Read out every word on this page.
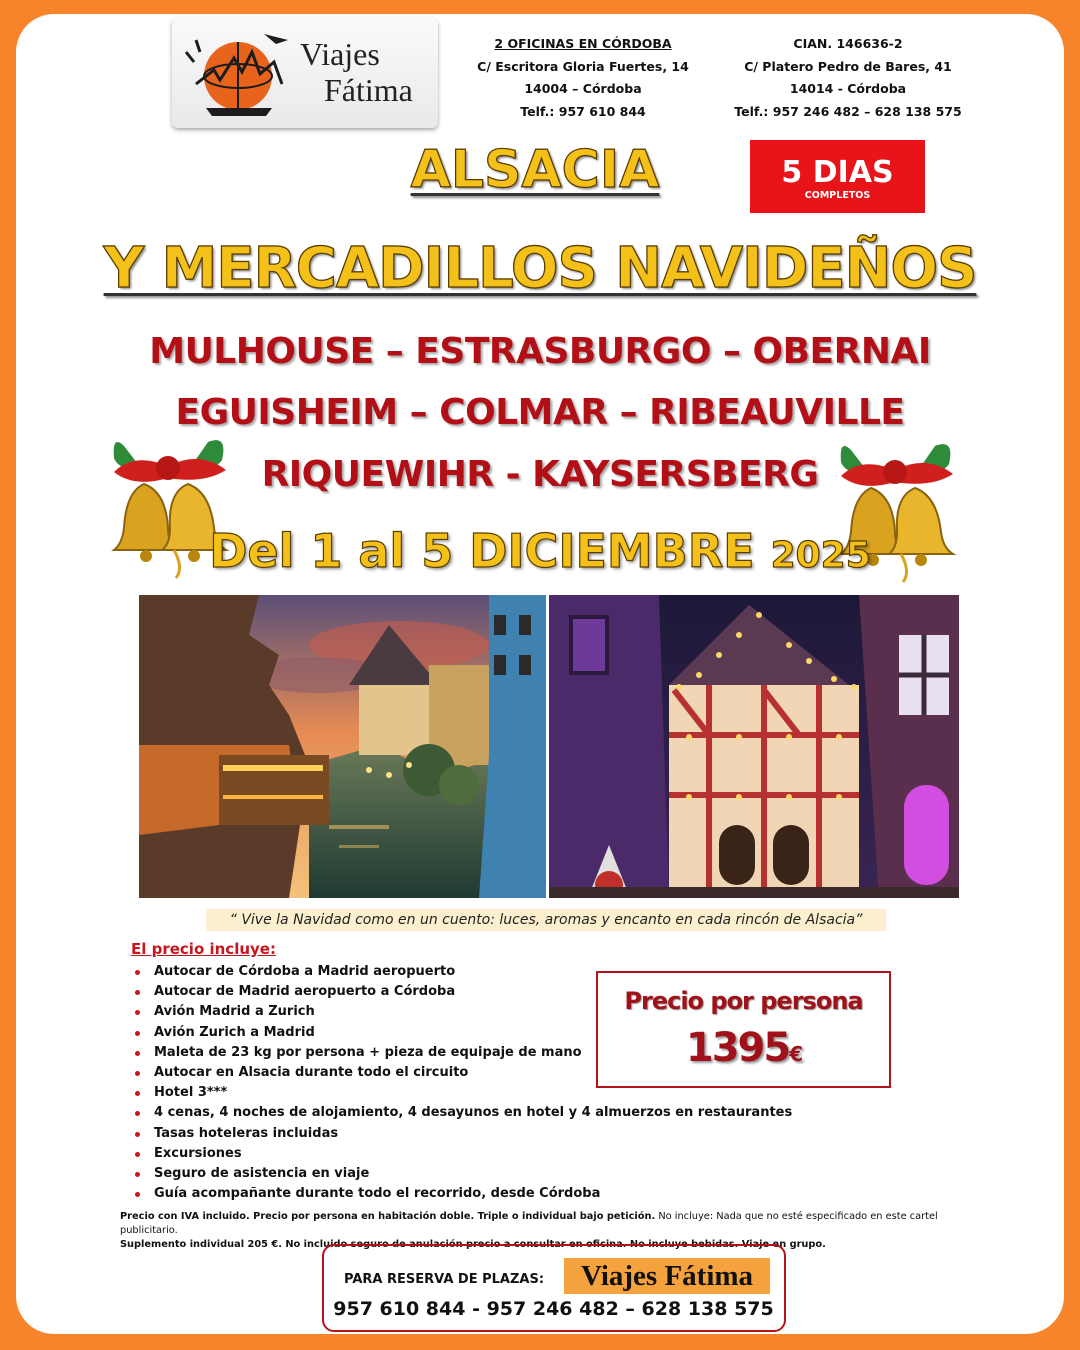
Viajes
Fátima
2 OFICINAS EN CÓRDOBA
C/ Escritora Gloria Fuertes, 14
14004 – Córdoba
Telf.: 957 610 844
CIAN. 146636-2
C/ Platero Pedro de Bares, 41
14014 - Córdoba
Telf.: 957 246 482 – 628 138 575
ALSACIA	5 DIAS
COMPLETOS
Y MERCADILLOS NAVIDEÑOS
MULHOUSE – ESTRASBURGO – OBERNAI
EGUISHEIM – COLMAR – RIBEAUVILLE
RIQUEWIHR - KAYSERSBERG
Del 1 al 5 DICIEMBRE 2025
“ Vive la Navidad como en un cuento: luces, aromas y encanto en cada rincón de Alsacia”
El precio incluye:
Autocar de Córdoba a Madrid aeropuerto
Autocar de Madrid aeropuerto a Córdoba
Avión Madrid a Zurich
Avión Zurich a Madrid
Maleta de 23 kg por persona + pieza de equipaje de mano
Autocar en Alsacia durante todo el circuito
Hotel 3***
4 cenas, 4 noches de alojamiento, 4 desayunos en hotel y 4 almuerzos en restaurantes
Tasas hoteleras incluidas
Excursiones
Seguro de asistencia en viaje
Guía acompañante durante todo el recorrido, desde Córdoba
Precio por persona
1395€
Precio con IVA incluido. Precio por persona en habitación doble. Triple o individual bajo petición. No incluye: Nada que no esté especificado en este cartel publicitario.
Suplemento individual 205 €. No incluido seguro de anulación precio a consultar en oficina. No incluye bebidas. Viaje en grupo.
PARA RESERVA DE PLAZAS:	Viajes Fátima
957 610 844 - 957 246 482 – 628 138 575
